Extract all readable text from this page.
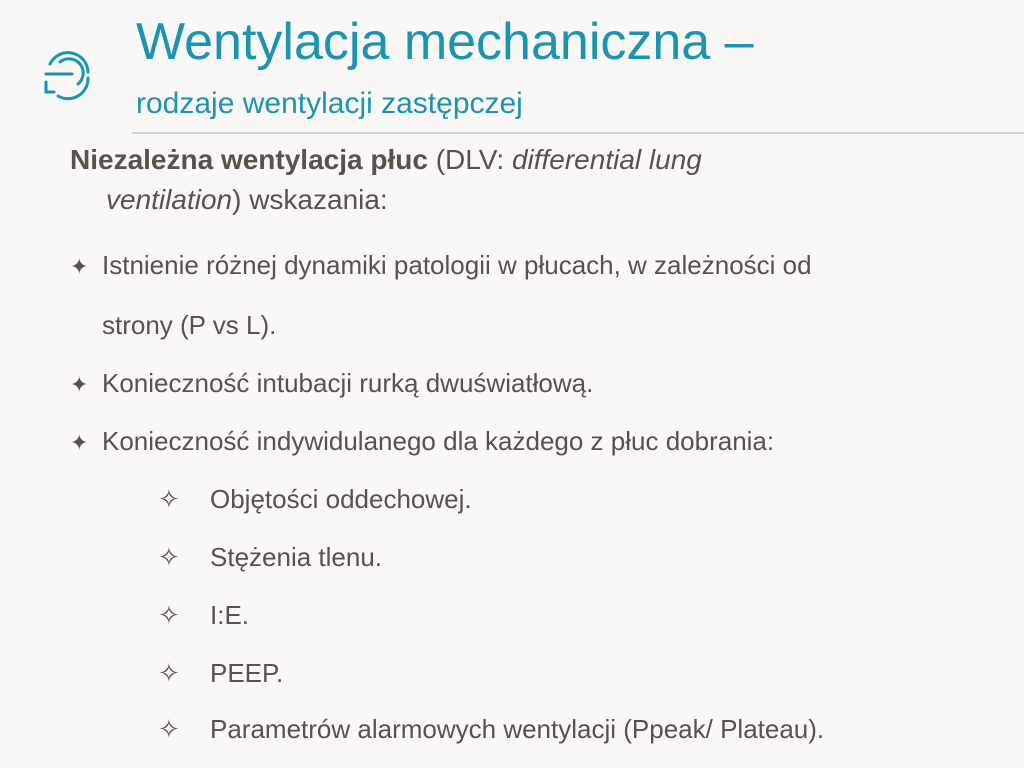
Wentylacja mechaniczna –
rodzaje wentylacji zastępczej
Niezależna wentylacja płuc (DLV: differential lung
ventilation) wskazania:
✦ Istnienie różnej dynamiki patologii w płucach, w zależności od
strony (P vs L).
✦ Konieczność intubacji rurką dwuświatłową.
✦ Konieczność indywidulanego dla każdego z płuc dobrania:
✧ Objętości oddechowej.
✧ Stężenia tlenu.
✧ I:E.
✧ PEEP.
✧ Parametrów alarmowych wentylacji (Ppeak/ Plateau).
